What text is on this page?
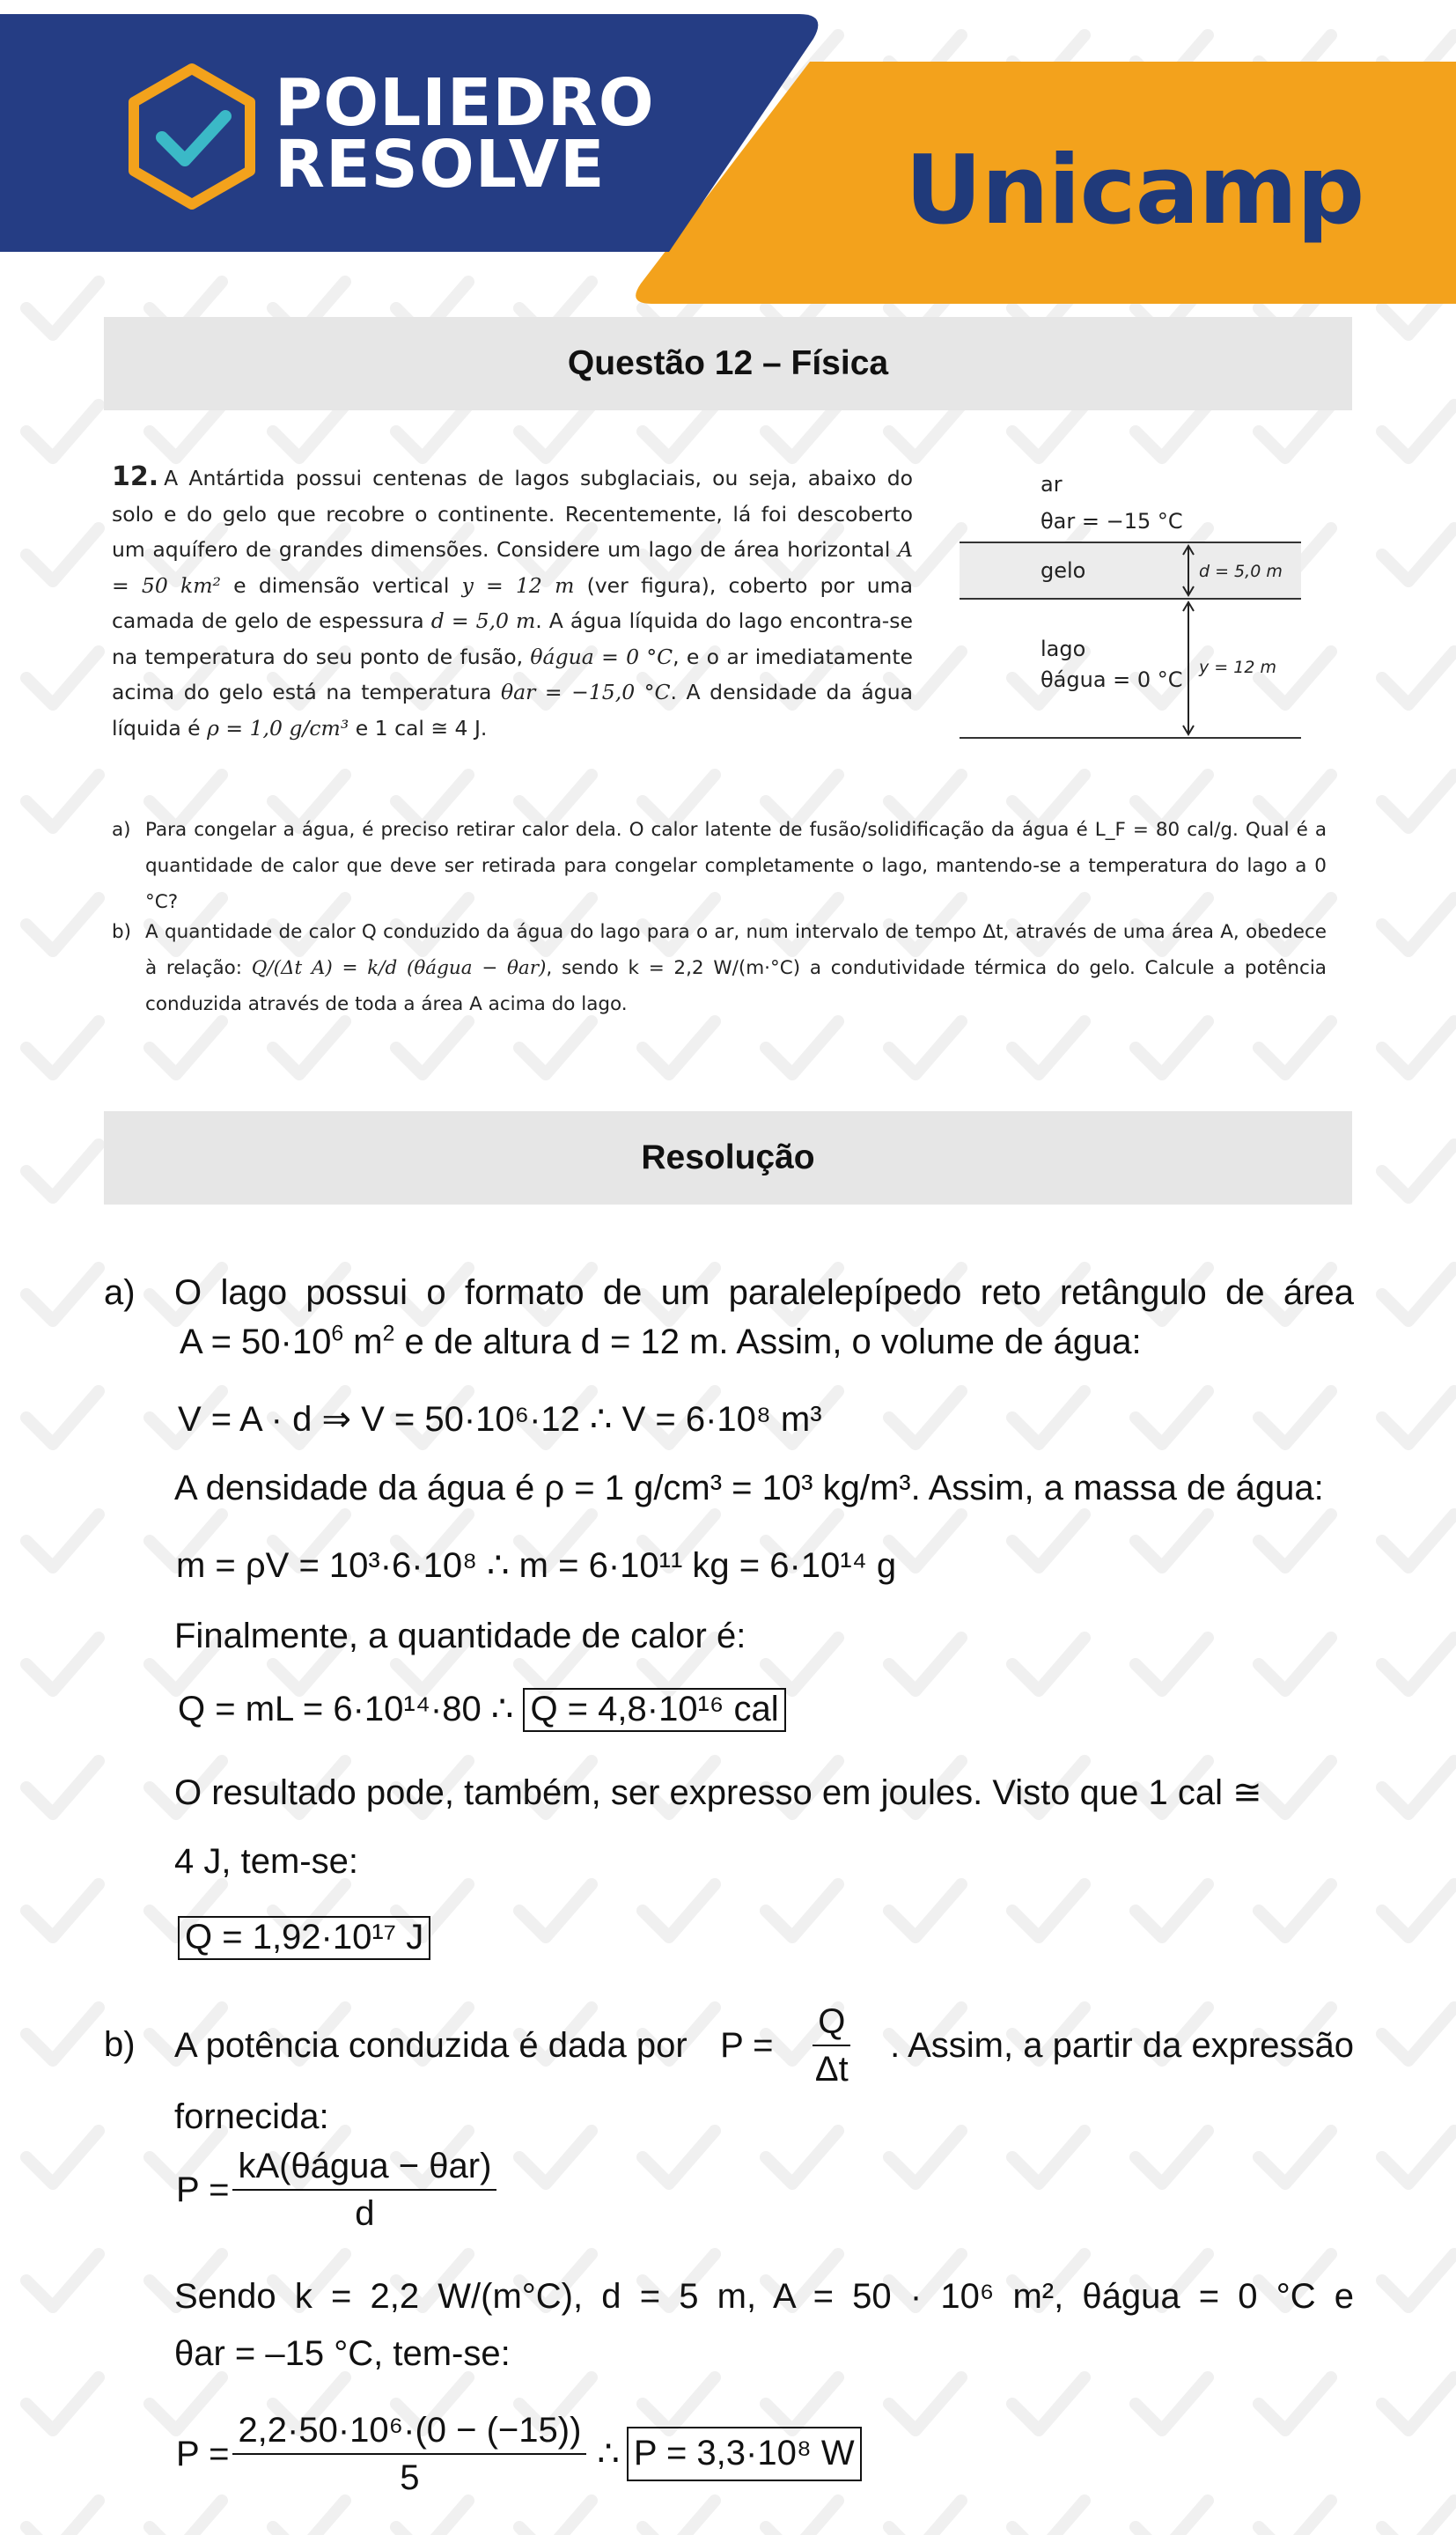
POLIEDRO
RESOLVE	Unicamp
Questão 12 – Física
12. A Antártida possui centenas de lagos subglaciais, ou seja, abaixo do solo e do gelo que recobre o continente. Recentemente, lá foi descoberto um aquífero de grandes dimensões. Considere um lago de área horizontal A = 50 km² e dimensão vertical y = 12 m (ver figura), coberto por uma camada de gelo de espessura d = 5,0 m. A água líquida do lago encontra-se na temperatura do seu ponto de fusão, θágua = 0 °C, e o ar imediatamente acima do gelo está na temperatura θar = −15,0 °C. A densidade da água líquida é ρ = 1,0 g/cm³ e 1 cal ≅ 4 J.
ar
θar = −15 °C
gelo	d = 5,0 m
lago
θágua = 0 °C y = 12 m
a) Para congelar a água, é preciso retirar calor dela. O calor latente de fusão/solidificação da água é L_F = 80 cal/g. Qual é a quantidade de calor que deve ser retirada para congelar completamente o lago, mantendo-se a temperatura do lago a 0 °C?
b) A quantidade de calor Q conduzido da água do lago para o ar, num intervalo de tempo Δt, através de uma área A, obedece à relação: Q/(Δt A) = k/d (θágua − θar), sendo k = 2,2 W/(m·°C) a condutividade térmica do gelo. Calcule a potência conduzida através de toda a área A acima do lago.
Resolução
a) O lago possui o formato de um paralelepípedo reto retângulo de área
$A = 50\cdot 10^6$ $m^2$ e de altura d = 12 m. Assim, o volume de água:
V = A · d ⇒ V = 50·10⁶·12 ∴ V = 6·10⁸ m³
A densidade da água é ρ = 1 g/cm³ = 10³ kg/m³. Assim, a massa de água:
m = ρV = 10³·6·10⁸ ∴ m = 6·10¹¹ kg = 6·10¹⁴ g
Finalmente, a quantidade de calor é:
Q = mL = 6·10¹⁴·80 ∴ Q = 4,8·10¹⁶ cal
O resultado pode, também, ser expresso em joules. Visto que 1 cal ≅
4 J, tem-se:
Q = 1,92·10¹⁷ J
b) A potência conduzida é dada por $P = \frac{Q}{\Delta t}$ . Assim, a partir da expressão
fornecida:
$P = \frac{\text{kA(θágua − θar)}}{d}$
Sendo k = 2,2 W/(m°C), d = 5 m, A = 50 · 10⁶ m², θágua = 0 °C e
θar = –15 °C, tem-se:
$P = \frac{\text{2,2·50·10⁶·(0 − (−15))}}{5}$ ∴ P = 3,3·10⁸ W
